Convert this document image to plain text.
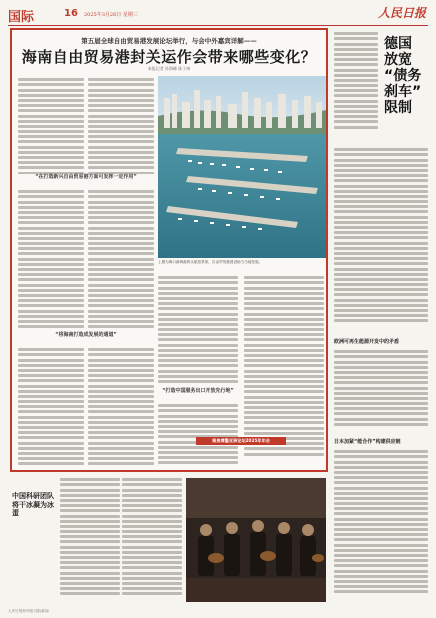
国际	16 2025年3月26日 星期三	人民日报
第五届全球自由贸易港发展论坛举行，与会中外嘉宾详解——
海南自由贸易港封关运作会带来哪些变化？
本报记者 孙海峰 陈子帅
“在打造新兴自由贸易港方面可发挥一定作用”
“将海南打造成发展的通道”
上图为海口新海港码头航拍景象，自由贸易港建设助力当地发展。
“打造中国服务出口开放先行地”
聚焦博鳌亚洲论坛2025年年会
德国
放宽
“债务
刹车”
限制
欧洲可再生能源开发中的矛盾
日本加紧“能合作”构建供应链
中国科研团队将干冰凝为冰蛋
人民日报海外版 国际新闻
